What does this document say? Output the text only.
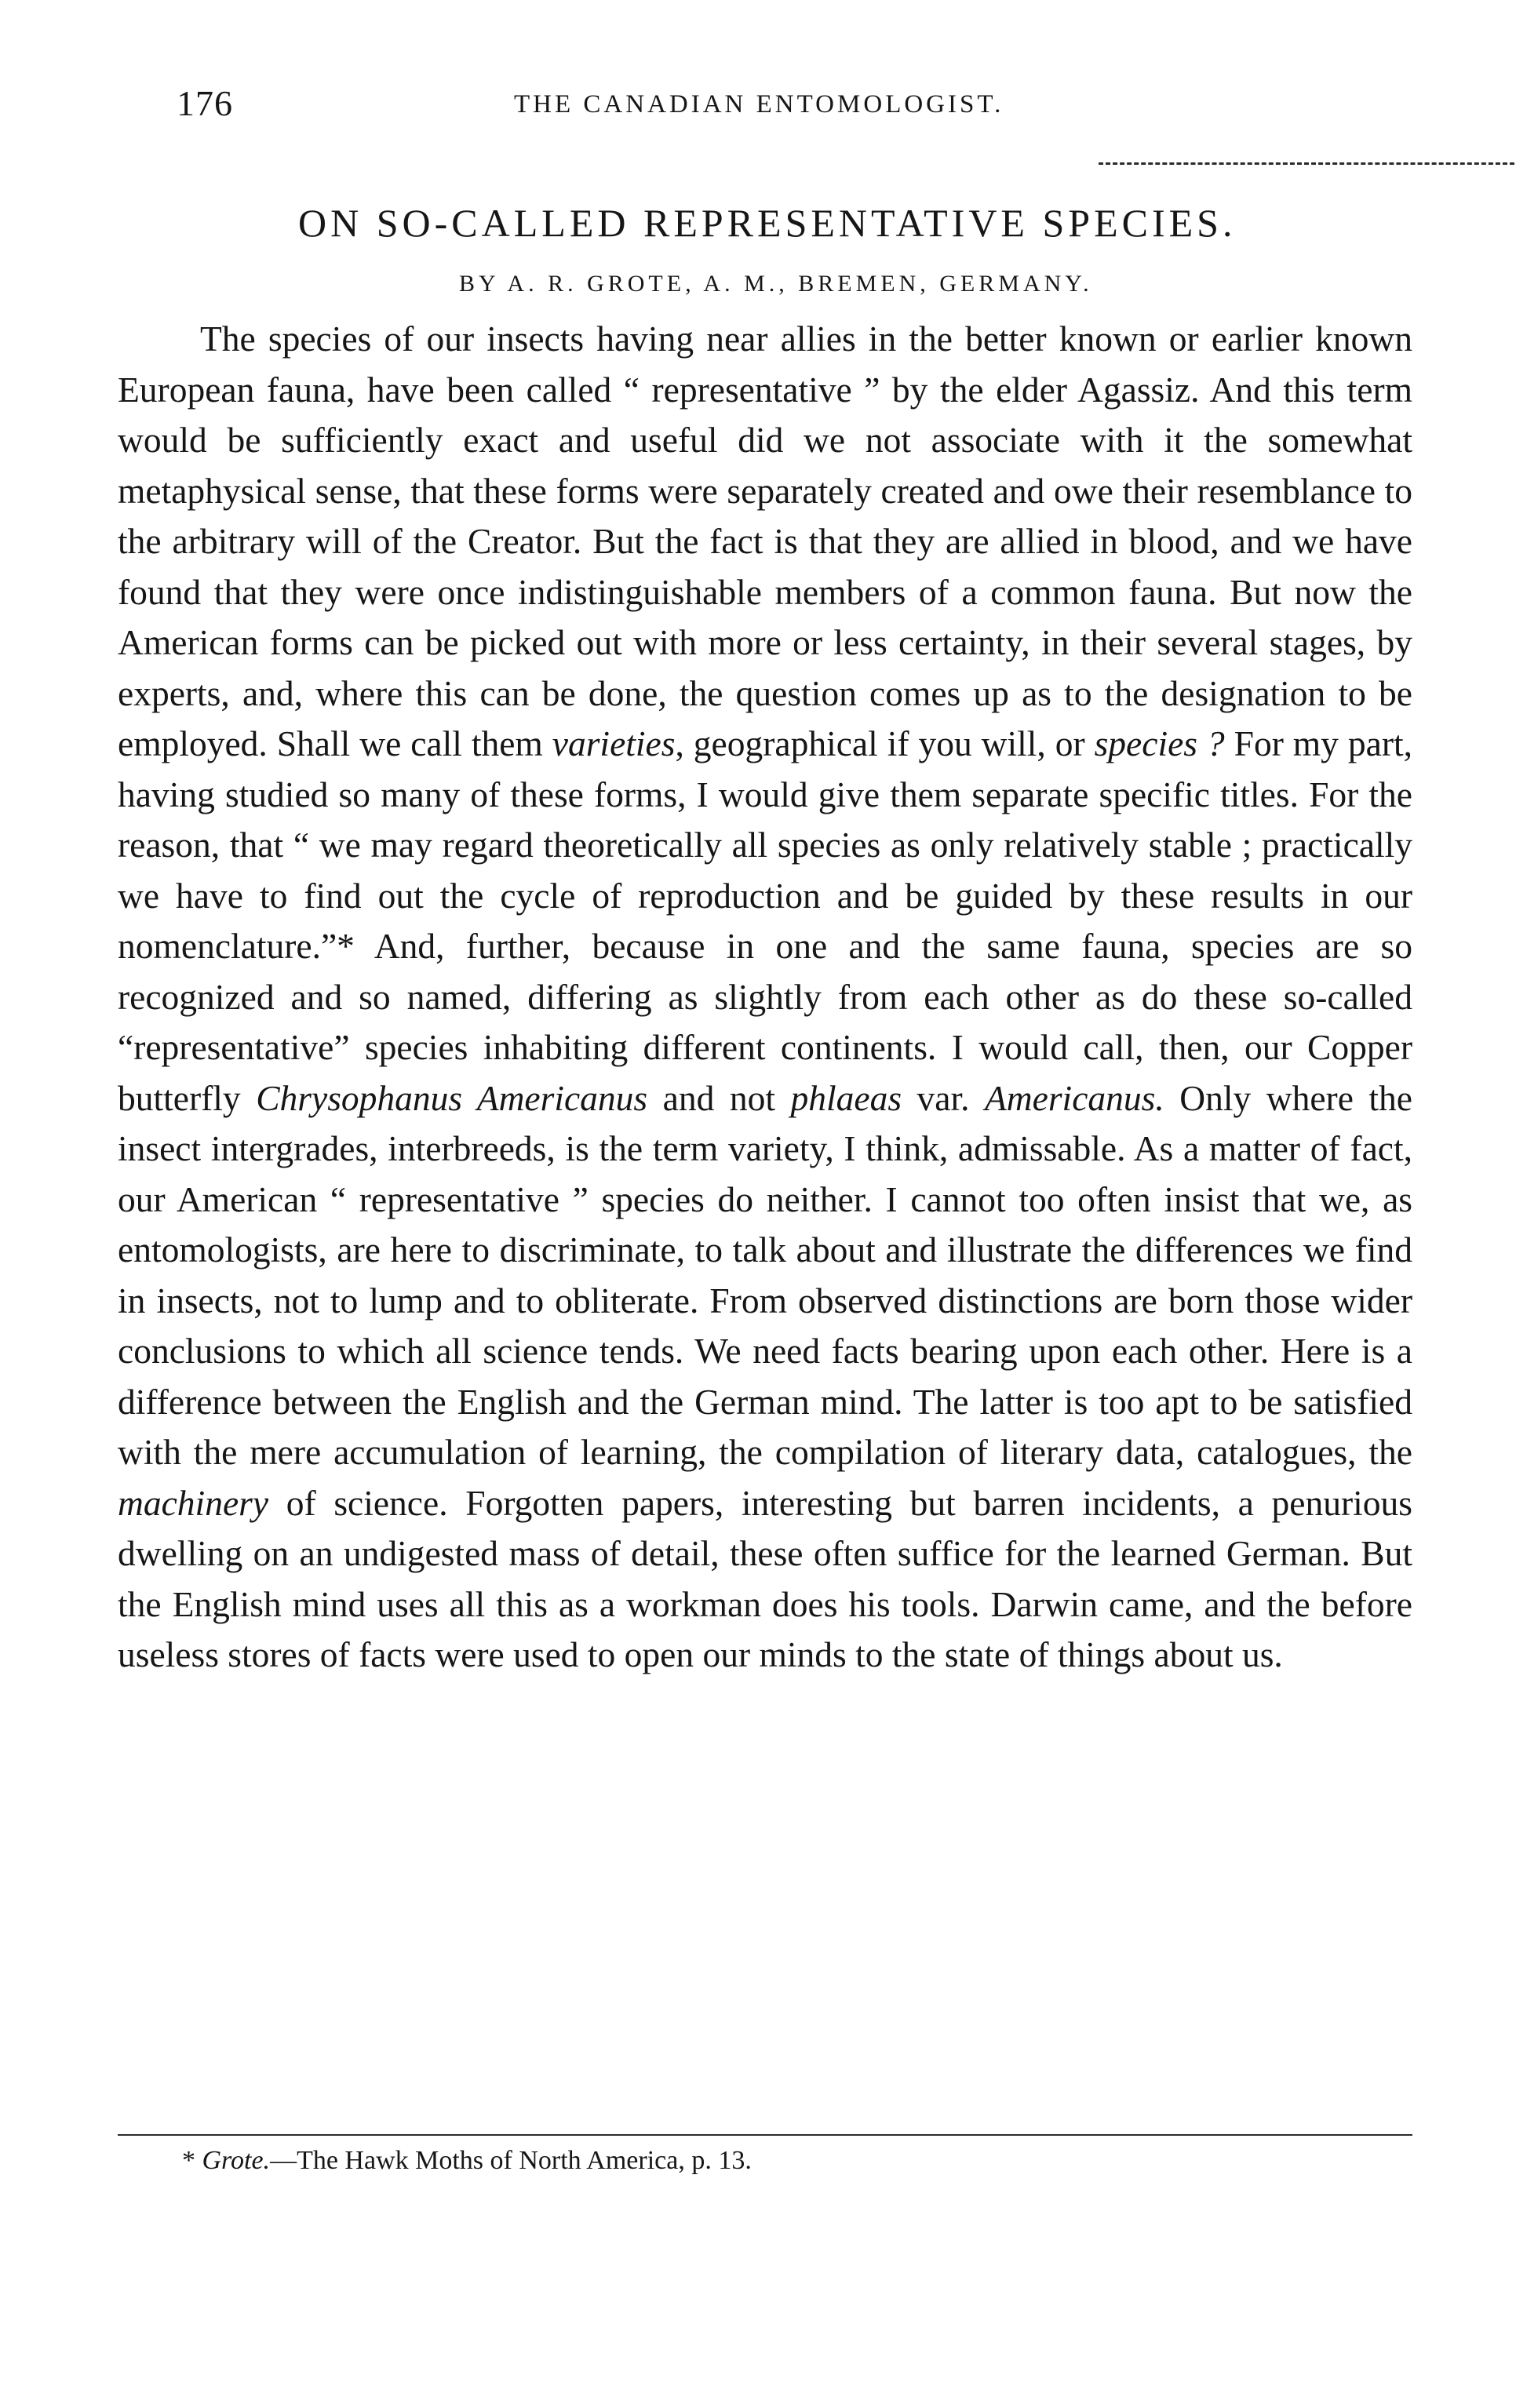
176	THE CANADIAN ENTOMOLOGIST.
ON SO-CALLED REPRESENTATIVE SPECIES.
BY A. R. GROTE, A. M., BREMEN, GERMANY.

The species of our insects having near allies in the better known or earlier known European fauna, have been called “ representative ” by the elder Agassiz. And this term would be sufficiently exact and useful did we not associate with it the somewhat metaphysical sense, that these forms were separately created and owe their resemblance to the arbitrary will of the Creator. But the fact is that they are allied in blood, and we have found that they were once indistinguishable members of a common fauna. But now the American forms can be picked out with more or less certainty, in their several stages, by experts, and, where this can be done, the question comes up as to the designation to be employed. Shall we call them varieties, geographical if you will, or species ? For my part, having studied so many of these forms, I would give them separate specific titles. For the reason, that “ we may regard theoretically all species as only relatively stable ; practically we have to find out the cycle of reproduction and be guided by these results in our nomenclature.”* And, further, because in one and the same fauna, species are so recognized and so named, differing as slightly from each other as do these so-called “representative” species inhabiting different continents. I would call, then, our Copper butterfly Chrysophanus Americanus and not phlaeas var. Americanus. Only where the insect intergrades, interbreeds, is the term variety, I think, admissable. As a matter of fact, our American “ representative ” species do neither. I cannot too often insist that we, as entomologists, are here to discriminate, to talk about and illustrate the differences we find in insects, not to lump and to obliterate. From observed distinctions are born those wider conclusions to which all science tends. We need facts bearing upon each other. Here is a difference between the English and the German mind. The latter is too apt to be satisfied with the mere accumulation of learning, the compilation of literary data, catalogues, the machinery of science. Forgotten papers, interesting but barren incidents, a penurious dwelling on an undigested mass of detail, these often suffice for the learned German. But the English mind uses all this as a workman does his tools. Darwin came, and the before useless stores of facts were used to open our minds to the state of things about us.

* Grote.—The Hawk Moths of North America, p. 13.
